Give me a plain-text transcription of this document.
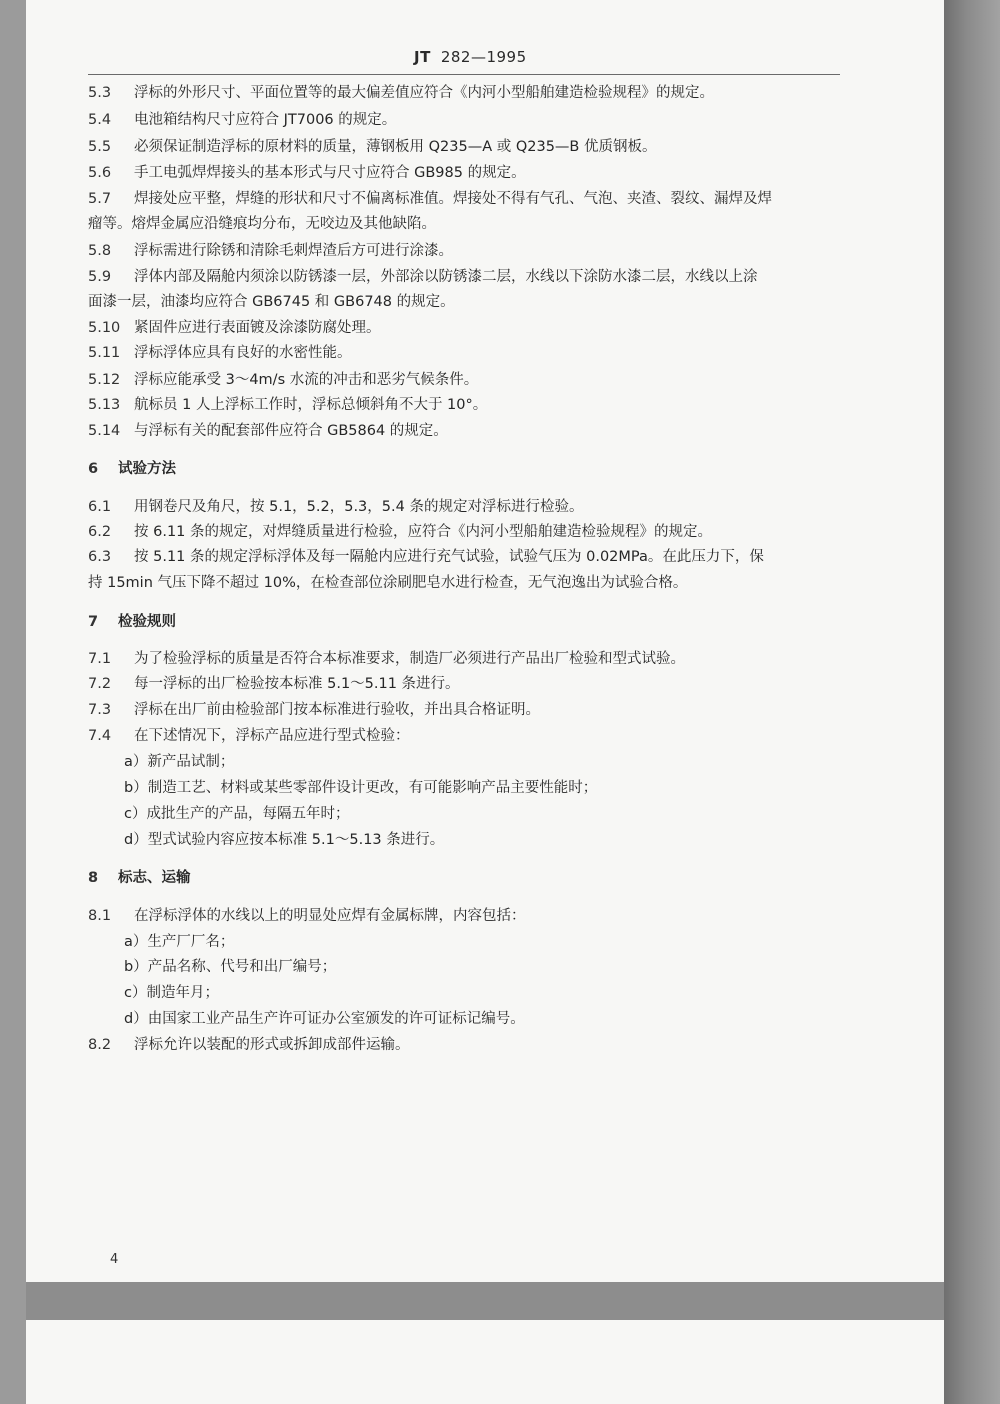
JT 282—1995
5.3 浮标的外形尺寸、平面位置等的最大偏差值应符合《内河小型船舶建造检验规程》的规定。
5.4 电池箱结构尺寸应符合 JT7006 的规定。
5.5 必须保证制造浮标的原材料的质量，薄钢板用 Q235—A 或 Q235—B 优质钢板。
5.6 手工电弧焊焊接头的基本形式与尺寸应符合 GB985 的规定。
5.7 焊接处应平整，焊缝的形状和尺寸不偏离标准值。焊接处不得有气孔、气泡、夹渣、裂纹、漏焊及焊
瘤等。熔焊金属应沿缝痕均分布，无咬边及其他缺陷。
5.8 浮标需进行除锈和清除毛刺焊渣后方可进行涂漆。
5.9 浮体内部及隔舱内须涂以防锈漆一层，外部涂以防锈漆二层，水线以下涂防水漆二层，水线以上涂
面漆一层，油漆均应符合 GB6745 和 GB6748 的规定。
5.10 紧固件应进行表面镀及涂漆防腐处理。
5.11 浮标浮体应具有良好的水密性能。
5.12 浮标应能承受 3～4m/s 水流的冲击和恶劣气候条件。
5.13 航标员 1 人上浮标工作时，浮标总倾斜角不大于 10°。
5.14 与浮标有关的配套部件应符合 GB5864 的规定。
6 试验方法
6.1 用钢卷尺及角尺，按 5.1，5.2，5.3，5.4 条的规定对浮标进行检验。
6.2 按 6.11 条的规定，对焊缝质量进行检验，应符合《内河小型船舶建造检验规程》的规定。
6.3 按 5.11 条的规定浮标浮体及每一隔舱内应进行充气试验，试验气压为 0.02MPa。在此压力下，保
持 15min 气压下降不超过 10%，在检查部位涂刷肥皂水进行检查，无气泡逸出为试验合格。
7 检验规则
7.1 为了检验浮标的质量是否符合本标准要求，制造厂必须进行产品出厂检验和型式试验。
7.2 每一浮标的出厂检验按本标准 5.1～5.11 条进行。
7.3 浮标在出厂前由检验部门按本标准进行验收，并出具合格证明。
7.4 在下述情况下，浮标产品应进行型式检验：
a）新产品试制；
b）制造工艺、材料或某些零部件设计更改，有可能影响产品主要性能时；
c）成批生产的产品，每隔五年时；
d）型式试验内容应按本标准 5.1～5.13 条进行。
8 标志、运输
8.1 在浮标浮体的水线以上的明显处应焊有金属标牌，内容包括：
a）生产厂厂名；
b）产品名称、代号和出厂编号；
c）制造年月；
d）由国家工业产品生产许可证办公室颁发的许可证标记编号。
8.2 浮标允许以装配的形式或拆卸成部件运输。
4
